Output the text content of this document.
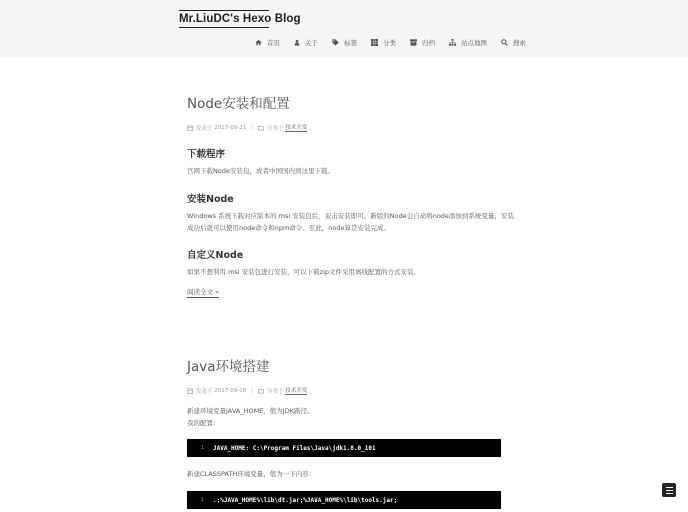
Mr.LiuDC's Hexo Blog
首页	关于	标签	分类	归档	站点地图	搜索
Node安装和配置
发表于
2017-09-21 |	分类于
技术开发
下载程序
官网下载Node安装包，或者中国国内到这里下载。
安装Node
Windows 系统下载对应版本的 msi 安装包后，双击安装即可。新版的Node会自动将node添加到系统变量，安装
成功后就可以使用node命令和npm命令。至此，node算是安装完成。
自定义Node
如果不想利用 msi 安装包进行安装，可以下载zip文件采用离线配置的方式安装。
阅读全文 »
Java环境搭建
发表于
2017-09-18 |	分类于
技术开发
新建环境变量JAVA_HOME，值为JDK路径。
我的配置：
1 JAVA_HOME: C:\Program Files\Java\jdk1.8.0_101
新建CLASSPATH环境变量，值为一下内容：
1 .;%JAVA_HOME%\lib\dt.jar;%JAVA_HOME%\lib\tools.jar;
